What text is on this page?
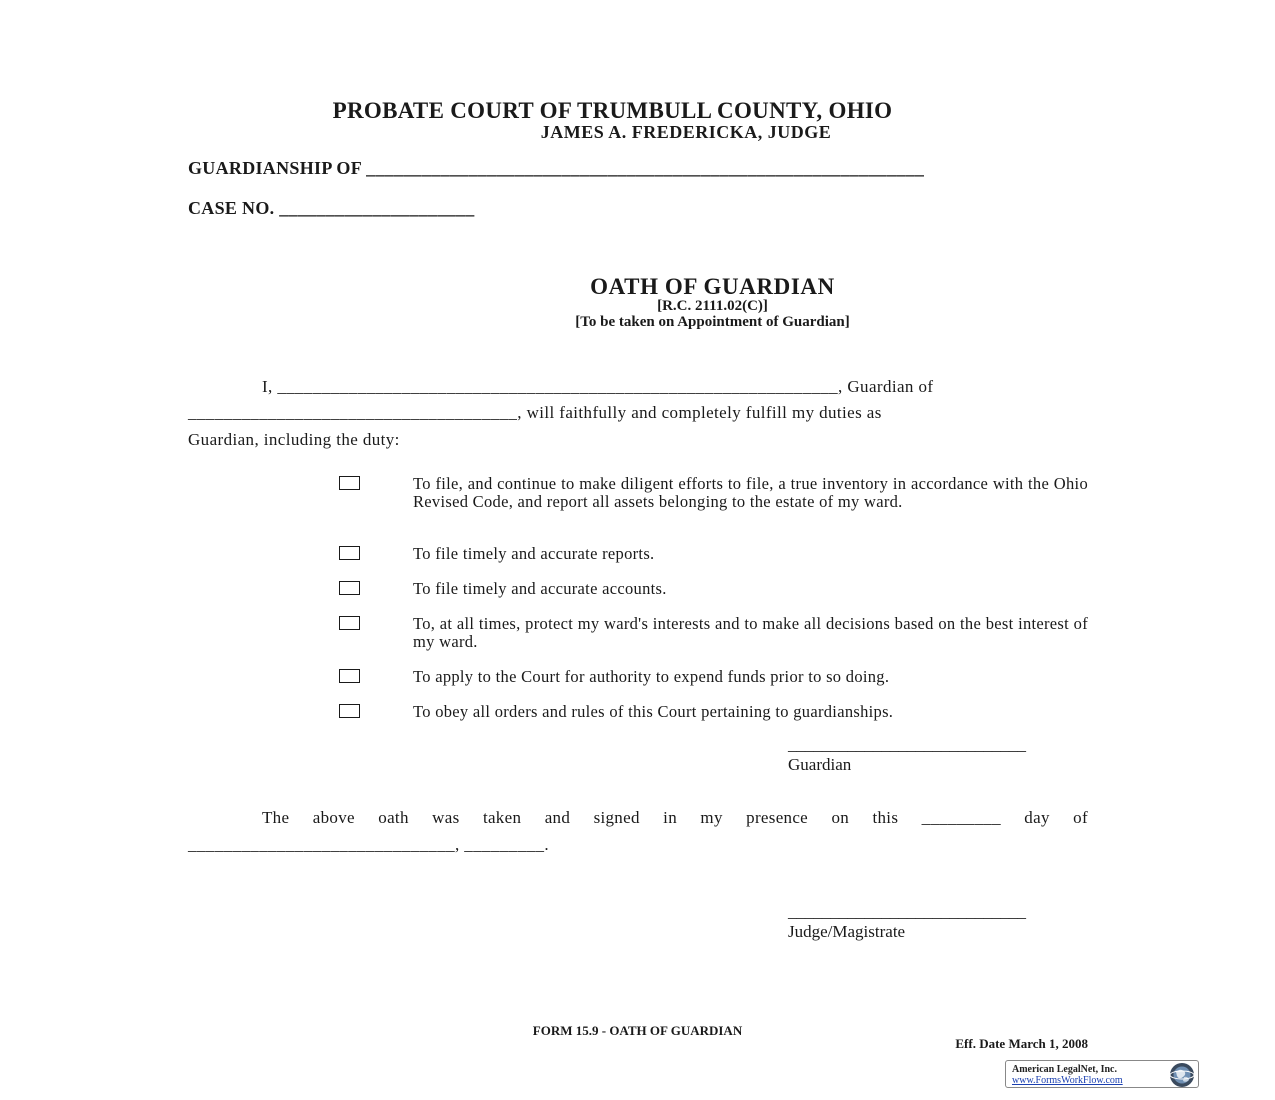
PROBATE COURT OF TRUMBULL COUNTY, OHIO
JAMES A. FREDERICKA, JUDGE
GUARDIANSHIP OF ____________________________________________________________
CASE NO. _____________________
OATH OF GUARDIAN
[R.C. 2111.02(C)]
[To be taken on Appointment of Guardian]
I, _______________________________________________________________, Guardian of
_____________________________________, will faithfully and completely fulfill my duties as
Guardian, including the duty:
To file, and continue to make diligent efforts to file, a true inventory in accordance with the Ohio Revised Code, and report all assets belonging to the estate of my ward.
To file timely and accurate reports.
To file timely and accurate accounts.
To, at all times, protect my ward's interests and to make all decisions based on the best interest of my ward.
To apply to the Court for authority to expend funds prior to so doing.
To obey all orders and rules of this Court pertaining to guardianships.
____________________________
Guardian
The above oath was taken and signed in my presence on this _________ day of
______________________________, _________.
____________________________
Judge/Magistrate
FORM 15.9 - OATH OF GUARDIAN
Eff. Date March 1, 2008
American LegalNet, Inc.
www.FormsWorkFlow.com
